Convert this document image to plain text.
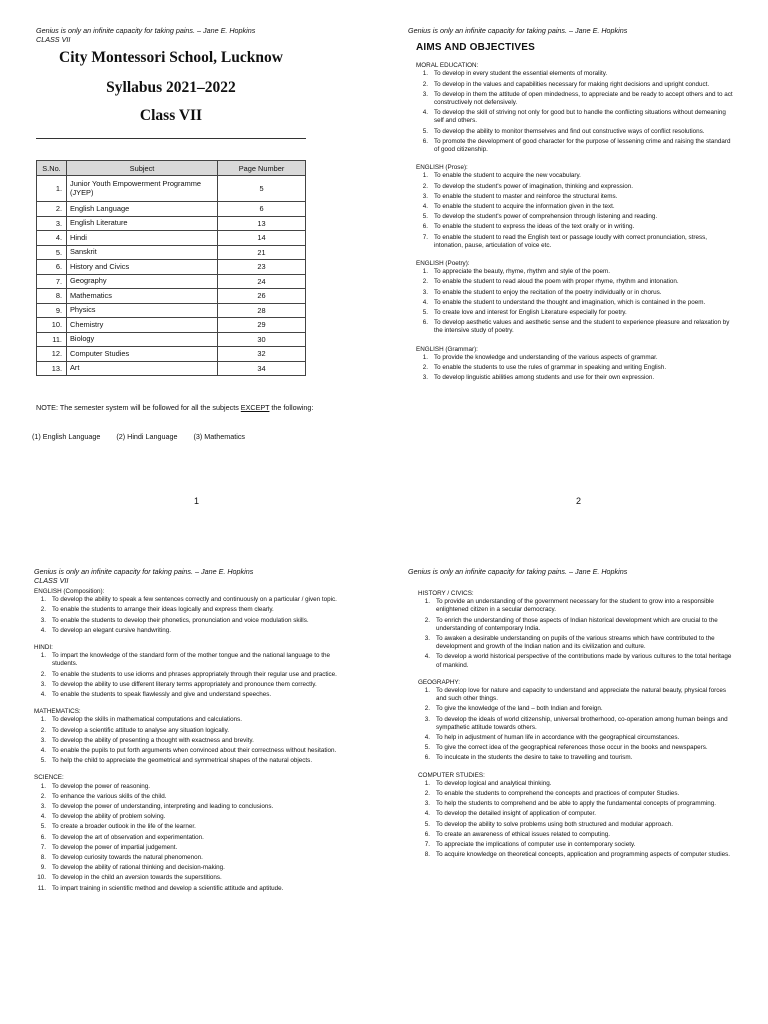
Genius is only an infinite capacity for taking pains. – Jane E. Hopkins
CLASS VII
City Montessori School, Lucknow
Syllabus 2021–2022
Class VII
S.No.	Subject	Page Number
1.	Junior Youth Empowerment Programme (JYEP)	5
2.	English Language	6
3.	English Literature	13
4.	Hindi	14
5.	Sanskrit	21
6.	History and Civics	23
7.	Geography	24
8.	Mathematics	26
9.	Physics	28
10.	Chemistry	29
11.	Biology	30
12.	Computer Studies	32
13.	Art	34
NOTE: The semester system will be followed for all the subjects EXCEPT the following:
(1) English Language (2) Hindi Language (3) Mathematics
1
Genius is only an infinite capacity for taking pains. – Jane E. Hopkins
AIMS AND OBJECTIVES
MORAL EDUCATION:
1. To develop in every student the essential elements of morality.
2. To develop in the values and capabilities necessary for making right decisions and upright conduct.
3. To develop in them the attitude of open mindedness, to appreciate and be ready to accept others and to act constructively not defensively.
4. To develop the skill of striving not only for good but to handle the conflicting situations without demeaning self and others.
5. To develop the ability to monitor themselves and find out constructive ways of conflict resolutions.
6. To promote the development of good character for the purpose of lessening crime and raising the standard of good citizenship.
ENGLISH (Prose):
1. To enable the student to acquire the new vocabulary.
2. To develop the student's power of imagination, thinking and expression.
3. To enable the student to master and reinforce the structural items.
4. To enable the student to acquire the information given in the text.
5. To develop the student's power of comprehension through listening and reading.
6. To enable the student to express the ideas of the text orally or in writing.
7. To enable the student to read the English text or passage loudly with correct pronunciation, stress, intonation, pause, articulation of voice etc.
ENGLISH (Poetry):
1. To appreciate the beauty, rhyme, rhythm and style of the poem.
2. To enable the student to read aloud the poem with proper rhyme, rhythm and intonation.
3. To enable the student to enjoy the recitation of the poetry individually or in chorus.
4. To enable the student to understand the thought and imagination, which is contained in the poem.
5. To create love and interest for English Literature especially for poetry.
6. To develop aesthetic values and aesthetic sense and the student to experience pleasure and relaxation by the intensive study of poetry.
ENGLISH (Grammar):
1. To provide the knowledge and understanding of the various aspects of grammar.
2. To enable the students to use the rules of grammar in speaking and writing English.
3. To develop linguistic abilities among students and use for their own expression.
2
Genius is only an infinite capacity for taking pains. – Jane E. Hopkins
CLASS VII
ENGLISH (Composition):
1. To develop the ability to speak a few sentences correctly and continuously on a particular / given topic.
2. To enable the students to arrange their ideas logically and express them clearly.
3. To enable the students to develop their phonetics, pronunciation and voice modulation skills.
4. To develop an elegant cursive handwriting.
HINDI:
1. To impart the knowledge of the standard form of the mother tongue and the national language to the students.
2. To enable the students to use idioms and phrases appropriately through their regular use and practice.
3. To develop the ability to use different literary terms appropriately and pronounce them correctly.
4. To enable the students to speak flawlessly and give and understand speeches.
MATHEMATICS:
1. To develop the skills in mathematical computations and calculations.
2. To develop a scientific attitude to analyse any situation logically.
3. To develop the ability of presenting a thought with exactness and brevity.
4. To enable the pupils to put forth arguments when convinced about their correctness without hesitation.
5. To help the child to appreciate the geometrical and symmetrical shapes of the natural objects.
SCIENCE:
1. To develop the power of reasoning.
2. To enhance the various skills of the child.
3. To develop the power of understanding, interpreting and leading to conclusions.
4. To develop the ability of problem solving.
5. To create a broader outlook in the life of the learner.
6. To develop the art of observation and experimentation.
7. To develop the power of impartial judgement.
8. To develop curiosity towards the natural phenomenon.
9. To develop the ability of rational thinking and decision-making.
10. To develop in the child an aversion towards the superstitions.
11. To impart training in scientific method and develop a scientific attitude and aptitude.
Genius is only an infinite capacity for taking pains. – Jane E. Hopkins
HISTORY / CIVICS:
1. To provide an understanding of the government necessary for the student to grow into a responsible enlightened citizen in a secular democracy.
2. To enrich the understanding of those aspects of Indian historical development which are crucial to the understanding of contemporary India.
3. To awaken a desirable understanding on pupils of the various streams which have contributed to the development and growth of the Indian nation and its civilization and culture.
4. To develop a world historical perspective of the contributions made by various cultures to the total heritage of mankind.
GEOGRAPHY:
1. To develop love for nature and capacity to understand and appreciate the natural beauty, physical forces and such other things.
2. To give the knowledge of the land – both Indian and foreign.
3. To develop the ideals of world citizenship, universal brotherhood, co-operation among human beings and sympathetic attitude towards others.
4. To help in adjustment of human life in accordance with the geographical circumstances.
5. To give the correct idea of the geographical references those occur in the books and newspapers.
6. To inculcate in the students the desire to take to travelling and tourism.
COMPUTER STUDIES:
1. To develop logical and analytical thinking.
2. To enable the students to comprehend the concepts and practices of computer Studies.
3. To help the students to comprehend and be able to apply the fundamental concepts of programming.
4. To develop the detailed insight of application of computer.
5. To develop the ability to solve problems using both structured and modular approach.
6. To create an awareness of ethical issues related to computing.
7. To appreciate the implications of computer use in contemporary society.
8. To acquire knowledge on theoretical concepts, application and programming aspects of computer studies.
